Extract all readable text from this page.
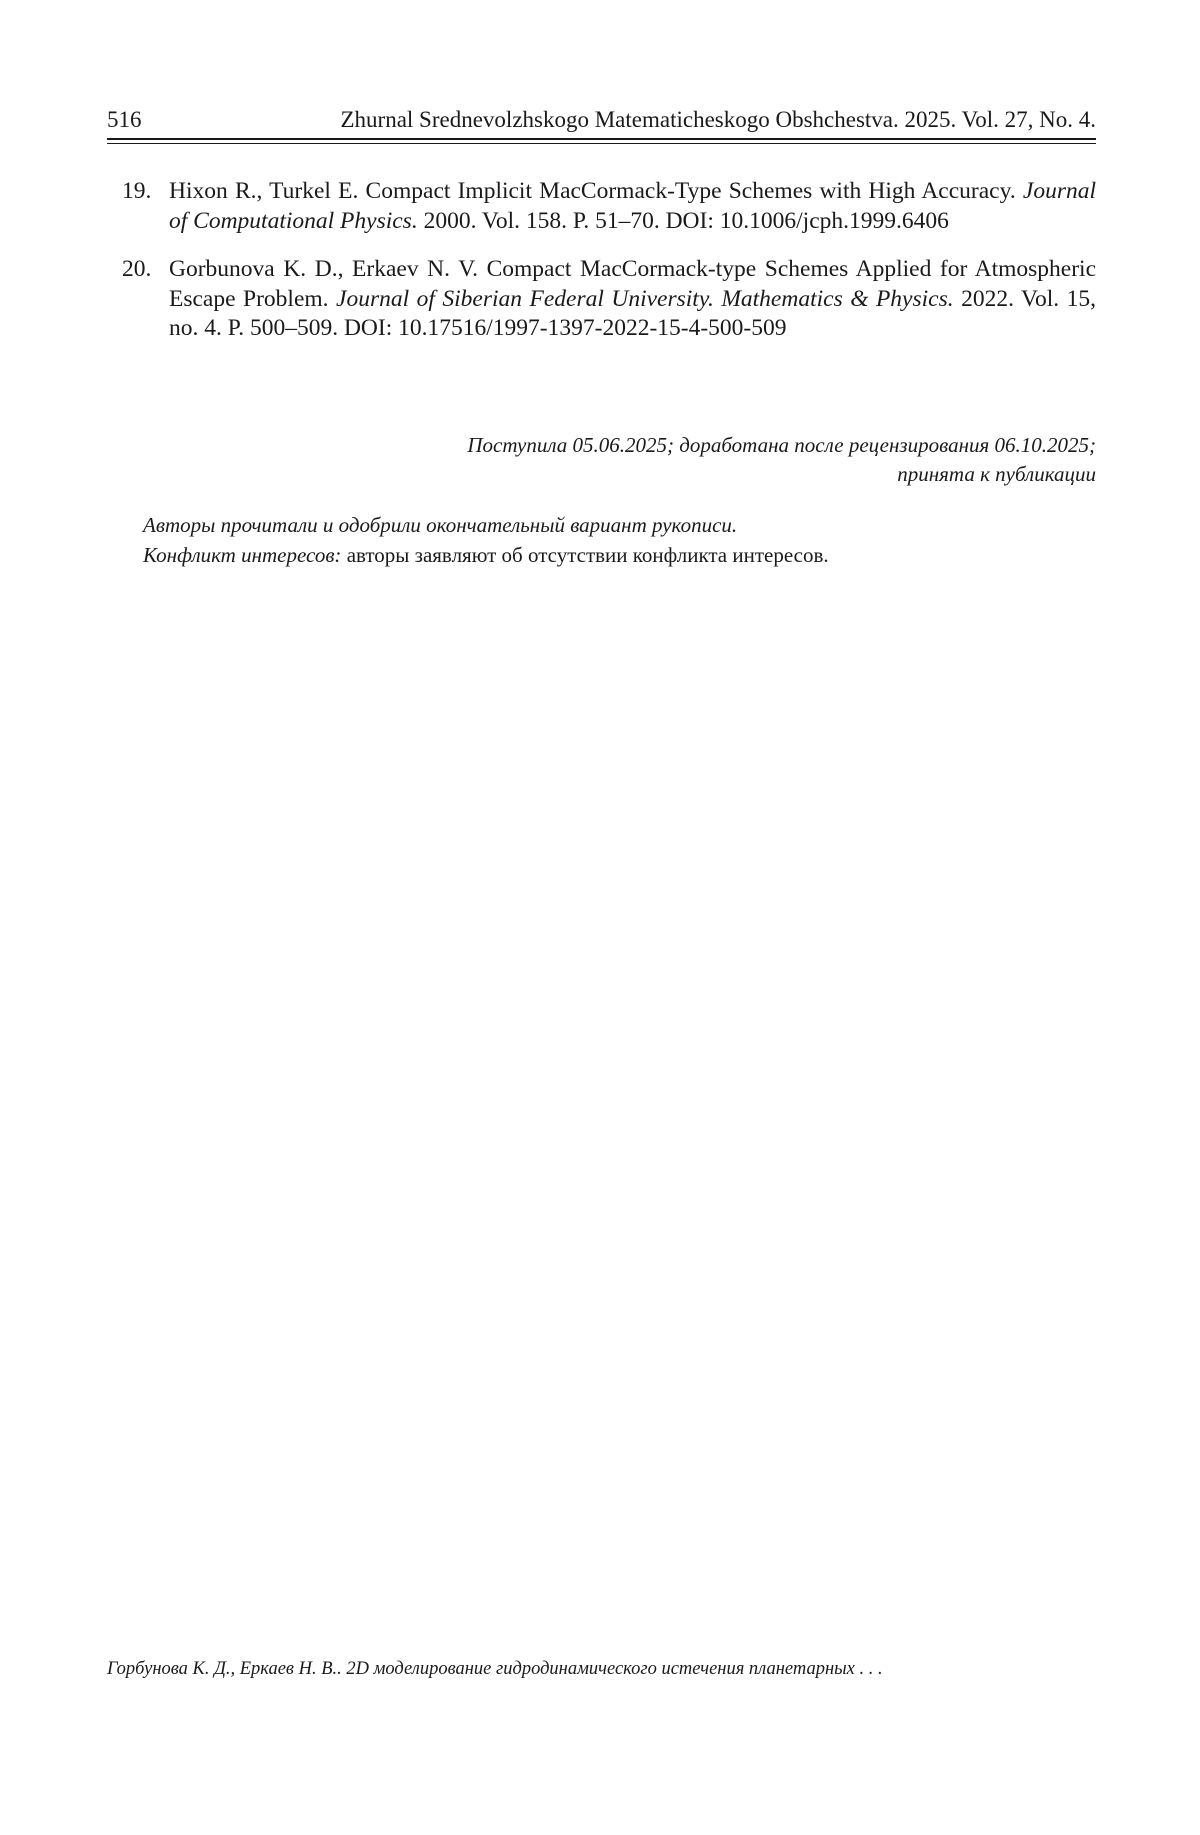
516	Zhurnal Srednevolzhskogo Matematicheskogo Obshchestva. 2025. Vol. 27, No. 4.
19. Hixon R., Turkel E. Compact Implicit MacCormack-Type Schemes with High Accuracy. Journal of Computational Physics. 2000. Vol. 158. P. 51–70. DOI: 10.1006/jcph.1999.6406
20. Gorbunova K. D., Erkaev N. V. Compact MacCormack-type Schemes Applied for Atmospheric Escape Problem. Journal of Siberian Federal University. Mathematics & Physics. 2022. Vol. 15, no. 4. P. 500–509. DOI: 10.17516/1997-1397-2022-15-4-500-509
Поступила 05.06.2025; доработана после рецензирования 06.10.2025;
принята к публикации
Авторы прочитали и одобрили окончательный вариант рукописи.
Конфликт интересов: авторы заявляют об отсутствии конфликта интересов.
Горбунова К. Д., Еркаев Н. В.. 2D моделирование гидродинамического истечения планетарных . . .
